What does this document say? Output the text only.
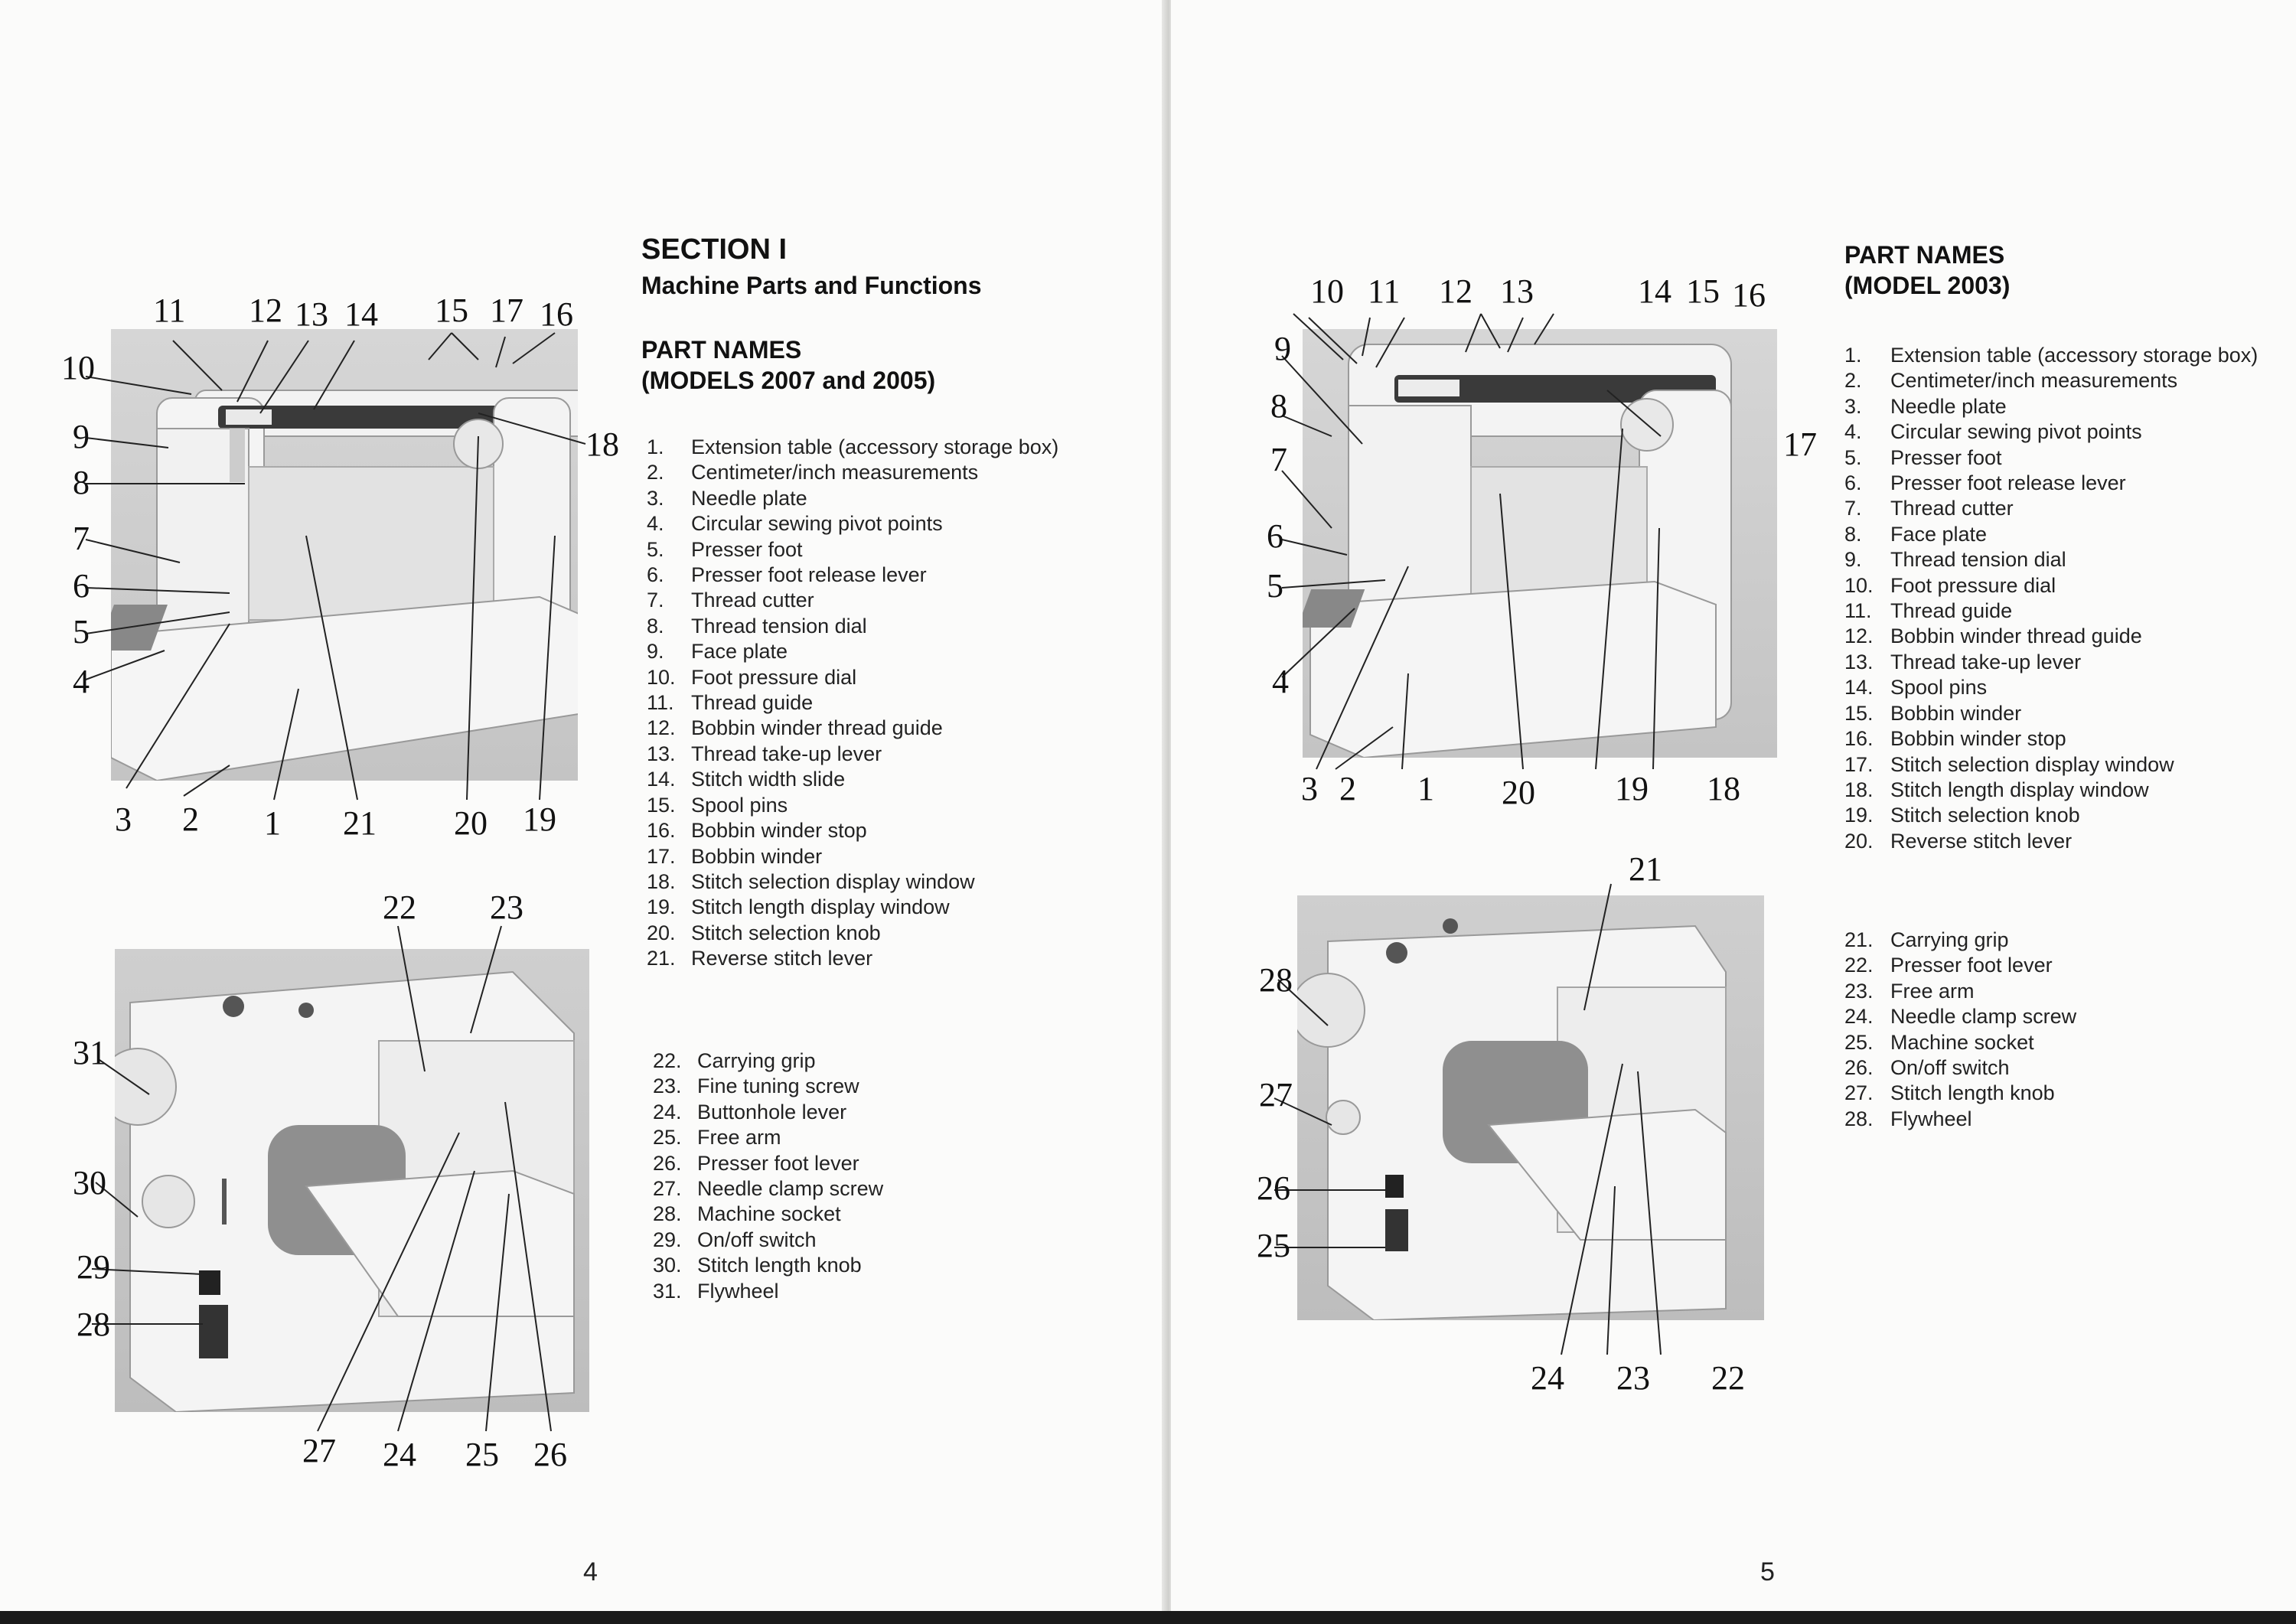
11 12 13 14 15 17 16
10
9
8
7
6
5
4
18
3 2 1 21 20 19
22 23
31
30
29
28
27 24 25 26
SECTION I
Machine Parts and Functions
PART NAMES
(MODELS 2007 and 2005)
1. Extension table (accessory storage box)
2. Centimeter/inch measurements
3. Needle plate
4. Circular sewing pivot points
5. Presser foot
6. Presser foot release lever
7. Thread cutter
8. Thread tension dial
9. Face plate
10. Foot pressure dial
11. Thread guide
12. Bobbin winder thread guide
13. Thread take-up lever
14. Stitch width slide
15. Spool pins
16. Bobbin winder stop
17. Bobbin winder
18. Stitch selection display window
19. Stitch length display window
20. Stitch selection knob
21. Reverse stitch lever
22. Carrying grip
23. Fine tuning screw
24. Buttonhole lever
25. Free arm
26. Presser foot lever
27. Needle clamp screw
28. Machine socket
29. On/off switch
30. Stitch length knob
31. Flywheel
4
10 11 12 13	14 15 16
9
8
7
6
5
4
17
3 2 1 20 19 18
21
28
27
26
25
24 23 22
PART NAMES
(MODEL 2003)
1. Extension table (accessory storage box)
2. Centimeter/inch measurements
3. Needle plate
4. Circular sewing pivot points
5. Presser foot
6. Presser foot release lever
7. Thread cutter
8. Face plate
9. Thread tension dial
10. Foot pressure dial
11. Thread guide
12. Bobbin winder thread guide
13. Thread take-up lever
14. Spool pins
15. Bobbin winder
16. Bobbin winder stop
17. Stitch selection display window
18. Stitch length display window
19. Stitch selection knob
20. Reverse stitch lever
21. Carrying grip
22. Presser foot lever
23. Free arm
24. Needle clamp screw
25. Machine socket
26. On/off switch
27. Stitch length knob
28. Flywheel
5
